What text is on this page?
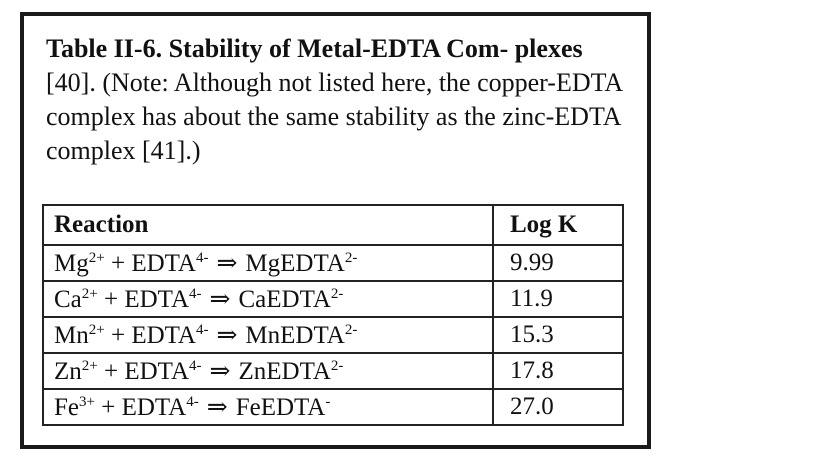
Table II-6. Stability of Metal-EDTA Com- plexes [40]. (Note: Although not listed here, the copper-EDTA complex has about the same stability as the zinc-EDTA complex [41].)
Reaction	Log K
$Mg^{2+}$ + $EDTA^{4-}$ ⇒ MgEDTA$^{2-}$	9.99
$Ca^{2+}$ + $EDTA^{4-}$ ⇒ CaEDTA$^{2-}$	11.9
$Mn^{2+}$ + $EDTA^{4-}$ ⇒ MnEDTA$^{2-}$	15.3
$Zn^{2+}$ + $EDTA^{4-}$ ⇒ ZnEDTA$^{2-}$	17.8
$Fe^{3+}$ + $EDTA^{4-}$ ⇒ FeEDTA-	27.0
